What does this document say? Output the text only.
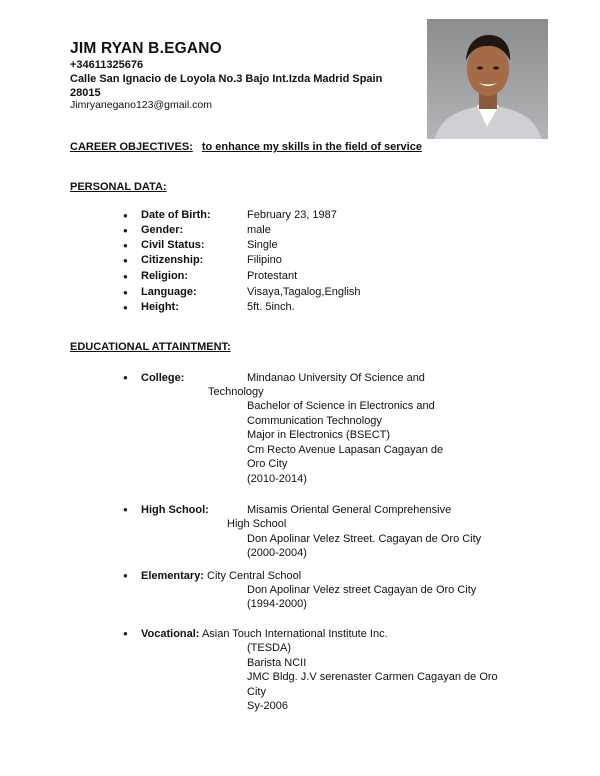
JIM RYAN B.EGANO
+34611325676
Calle San Ignacio de Loyola No.3 Bajo Int.Izda Madrid Spain
28015
Jimryanegano123@gmail.com
CAREER OBJECTIVES: to enhance my skills in the field of service
PERSONAL DATA:
● Date of Birth:	February 23, 1987
● Gender:	male
● Civil Status:	Single
● Citizenship:	Filipino
● Religion:	Protestant
● Language:	Visaya,Tagalog,English
● Height:	5ft. 5inch.
EDUCATIONAL ATTAINTMENT:
● College:	Mindanao University Of Science and
Technology
Bachelor of Science in Electronics and
Communication Technology
Major in Electronics (BSECT)
Cm Recto Avenue Lapasan Cagayan de
Oro City
(2010-2014)
● High School:	Misamis Oriental General Comprehensive
High School
Don Apolinar Velez Street. Cagayan de Oro City
(2000-2004)
● Elementary: City Central School
Don Apolinar Velez street Cagayan de Oro City
(1994-2000)
● Vocational: Asian Touch International Institute Inc.
(TESDA)
Barista NCII
JMC Bldg. J.V serenaster Carmen Cagayan de Oro
City
Sy-2006
